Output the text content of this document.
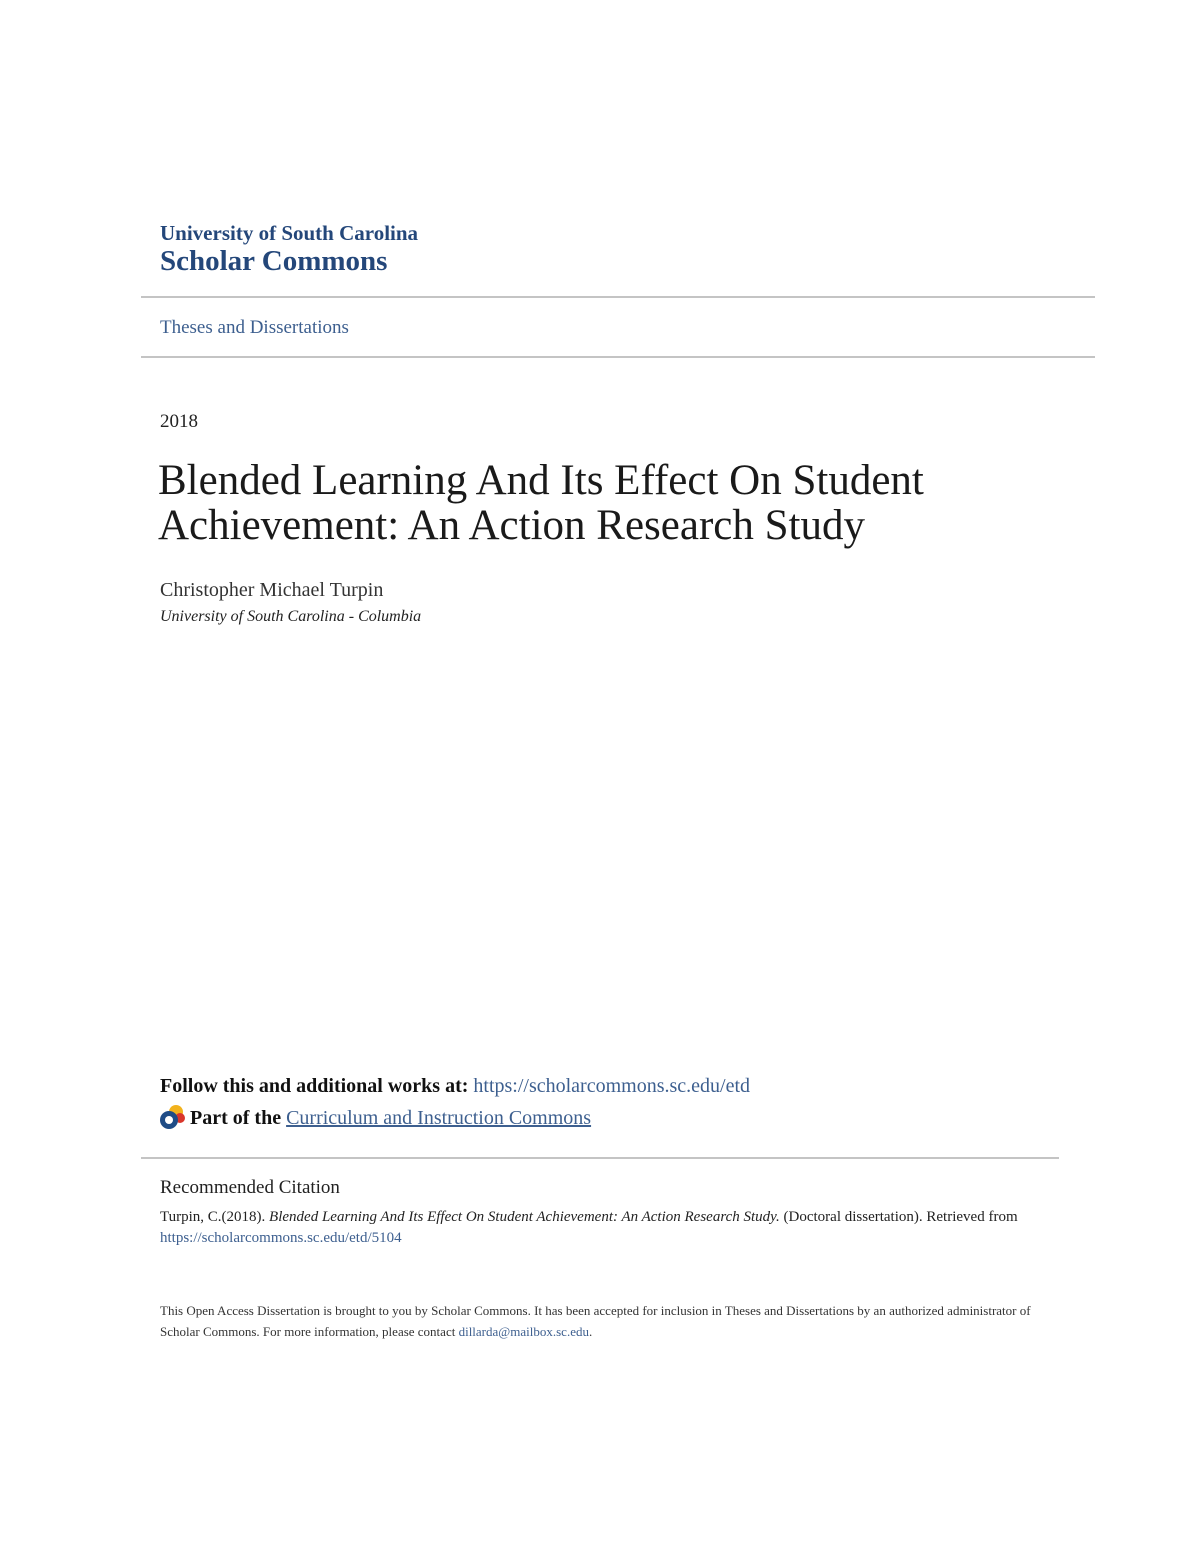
University of South Carolina
Scholar Commons
Theses and Dissertations
2018
Blended Learning And Its Effect On Student Achievement: An Action Research Study
Christopher Michael Turpin
University of South Carolina - Columbia
Follow this and additional works at: https://scholarcommons.sc.edu/etd
Part of the Curriculum and Instruction Commons
Recommended Citation
Turpin, C.(2018). Blended Learning And Its Effect On Student Achievement: An Action Research Study. (Doctoral dissertation). Retrieved from https://scholarcommons.sc.edu/etd/5104
This Open Access Dissertation is brought to you by Scholar Commons. It has been accepted for inclusion in Theses and Dissertations by an authorized administrator of Scholar Commons. For more information, please contact dillarda@mailbox.sc.edu.
